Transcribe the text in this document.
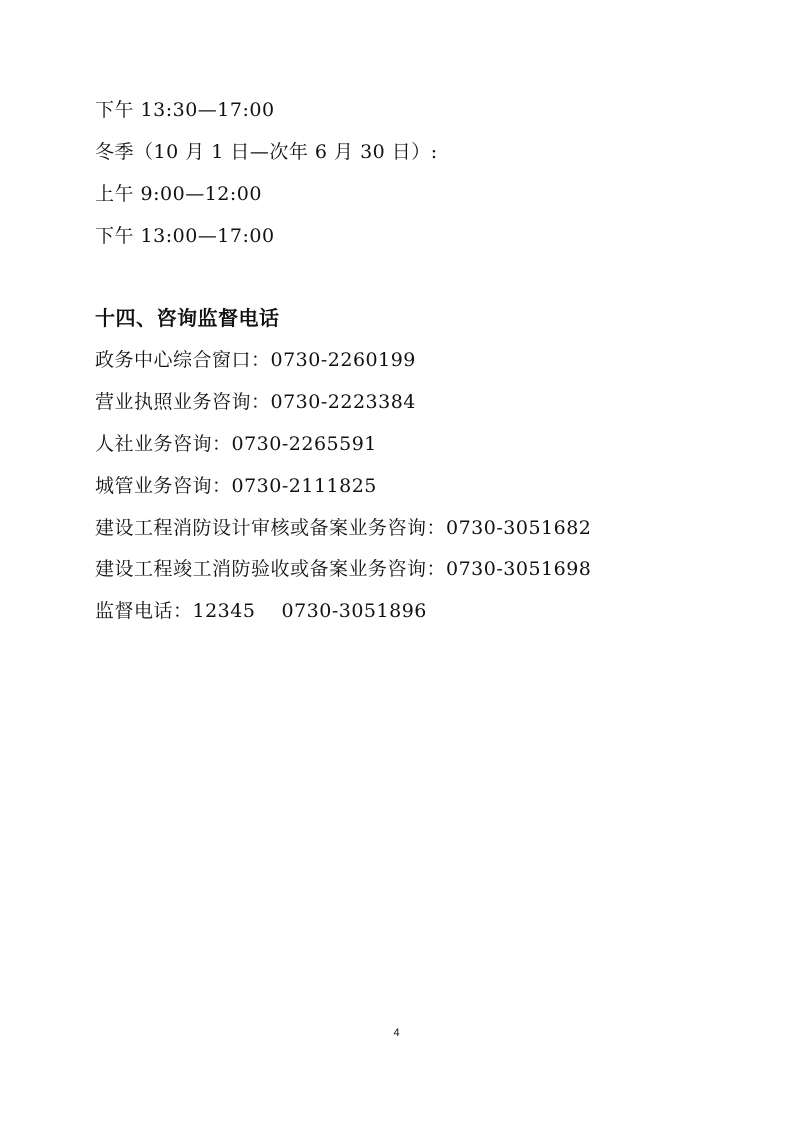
下午 13:30—17:00
冬季（10 月 1 日—次年 6 月 30 日）:
上午 9:00—12:00
下午 13:00—17:00
十四、咨询监督电话
政务中心综合窗口：0730-2260199
营业执照业务咨询：0730-2223384
人社业务咨询：0730-2265591
城管业务咨询：0730-2111825
建设工程消防设计审核或备案业务咨询：0730-3051682
建设工程竣工消防验收或备案业务咨询：0730-3051698
监督电话：12345　 0730-3051896
4
